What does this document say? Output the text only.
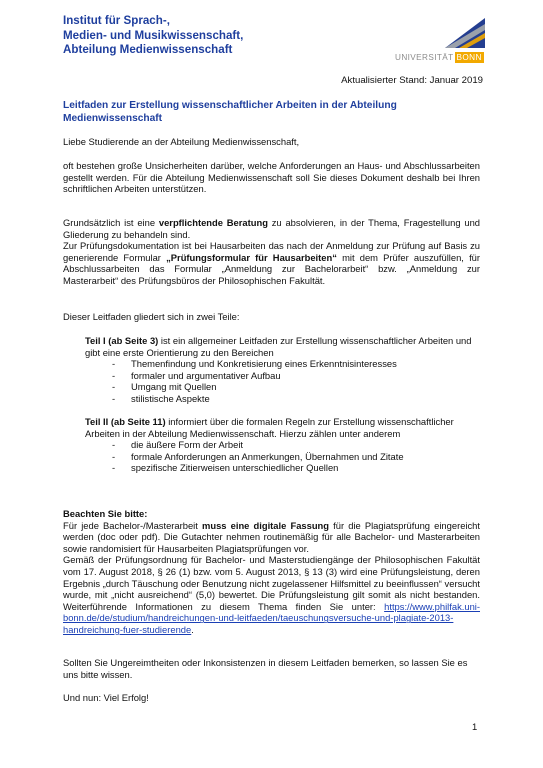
Institut für Sprach-,
Medien- und Musikwissenschaft,
Abteilung Medienwissenschaft
UNIVERSITÄT BONN
Aktualisierter Stand: Januar 2019
Leitfaden zur Erstellung wissenschaftlicher Arbeiten in der Abteilung Medienwissenschaft
Liebe Studierende an der Abteilung Medienwissenschaft,
oft bestehen große Unsicherheiten darüber, welche Anforderungen an Haus- und Abschlussarbeiten gestellt werden. Für die Abteilung Medienwissenschaft soll Sie dieses Dokument deshalb bei Ihren schriftlichen Arbeiten unterstützen.
Grundsätzlich ist eine verpflichtende Beratung zu absolvieren, in der Thema, Fragestellung und Gliederung zu behandeln sind.
Zur Prüfungsdokumentation ist bei Hausarbeiten das nach der Anmeldung zur Prüfung auf Basis zu generierende Formular „Prüfungsformular für Hausarbeiten“ mit dem Prüfer auszufüllen, für Abschlussarbeiten das Formular „Anmeldung zur Bachelorarbeit“ bzw. „Anmeldung zur Masterarbeit“ des Prüfungsbüros der Philosophischen Fakultät.
Dieser Leitfaden gliedert sich in zwei Teile:
Teil I (ab Seite 3) ist ein allgemeiner Leitfaden zur Erstellung wissenschaftlicher Arbeiten und gibt eine erste Orientierung zu den Bereichen
- Themenfindung und Konkretisierung eines Erkenntnisinteresses
- formaler und argumentativer Aufbau
- Umgang mit Quellen
- stilistische Aspekte
Teil II (ab Seite 11) informiert über die formalen Regeln zur Erstellung wissenschaftlicher Arbeiten in der Abteilung Medienwissenschaft. Hierzu zählen unter anderem
- die äußere Form der Arbeit
- formale Anforderungen an Anmerkungen, Übernahmen und Zitate
- spezifische Zitierweisen unterschiedlicher Quellen
Beachten Sie bitte:
Für jede Bachelor-/Masterarbeit muss eine digitale Fassung für die Plagiatsprüfung eingereicht werden (doc oder pdf). Die Gutachter nehmen routinemäßig für alle Bachelor- und Masterarbeiten sowie randomisiert für Hausarbeiten Plagiatsprüfungen vor.
Gemäß der Prüfungsordnung für Bachelor- und Masterstudiengänge der Philosophischen Fakultät vom 17. August 2018, § 26 (1) bzw. vom 5. August 2013, § 13 (3) wird eine Prüfungsleistung, deren Ergebnis „durch Täuschung oder Benutzung nicht zugelassener Hilfsmittel zu beeinflussen“ versucht wurde, mit „nicht ausreichend“ (5,0) bewertet. Die Prüfungsleistung gilt somit als nicht bestanden. Weiterführende Informationen zu diesem Thema finden Sie unter: https://www.philfak.uni-bonn.de/de/studium/handreichungen-und-leitfaeden/taeuschungsversuche-und-plagiate-2013-handreichung-fuer-studierende.
Sollten Sie Ungereimtheiten oder Inkonsistenzen in diesem Leitfaden bemerken, so lassen Sie es uns bitte wissen.
Und nun: Viel Erfolg!
1
